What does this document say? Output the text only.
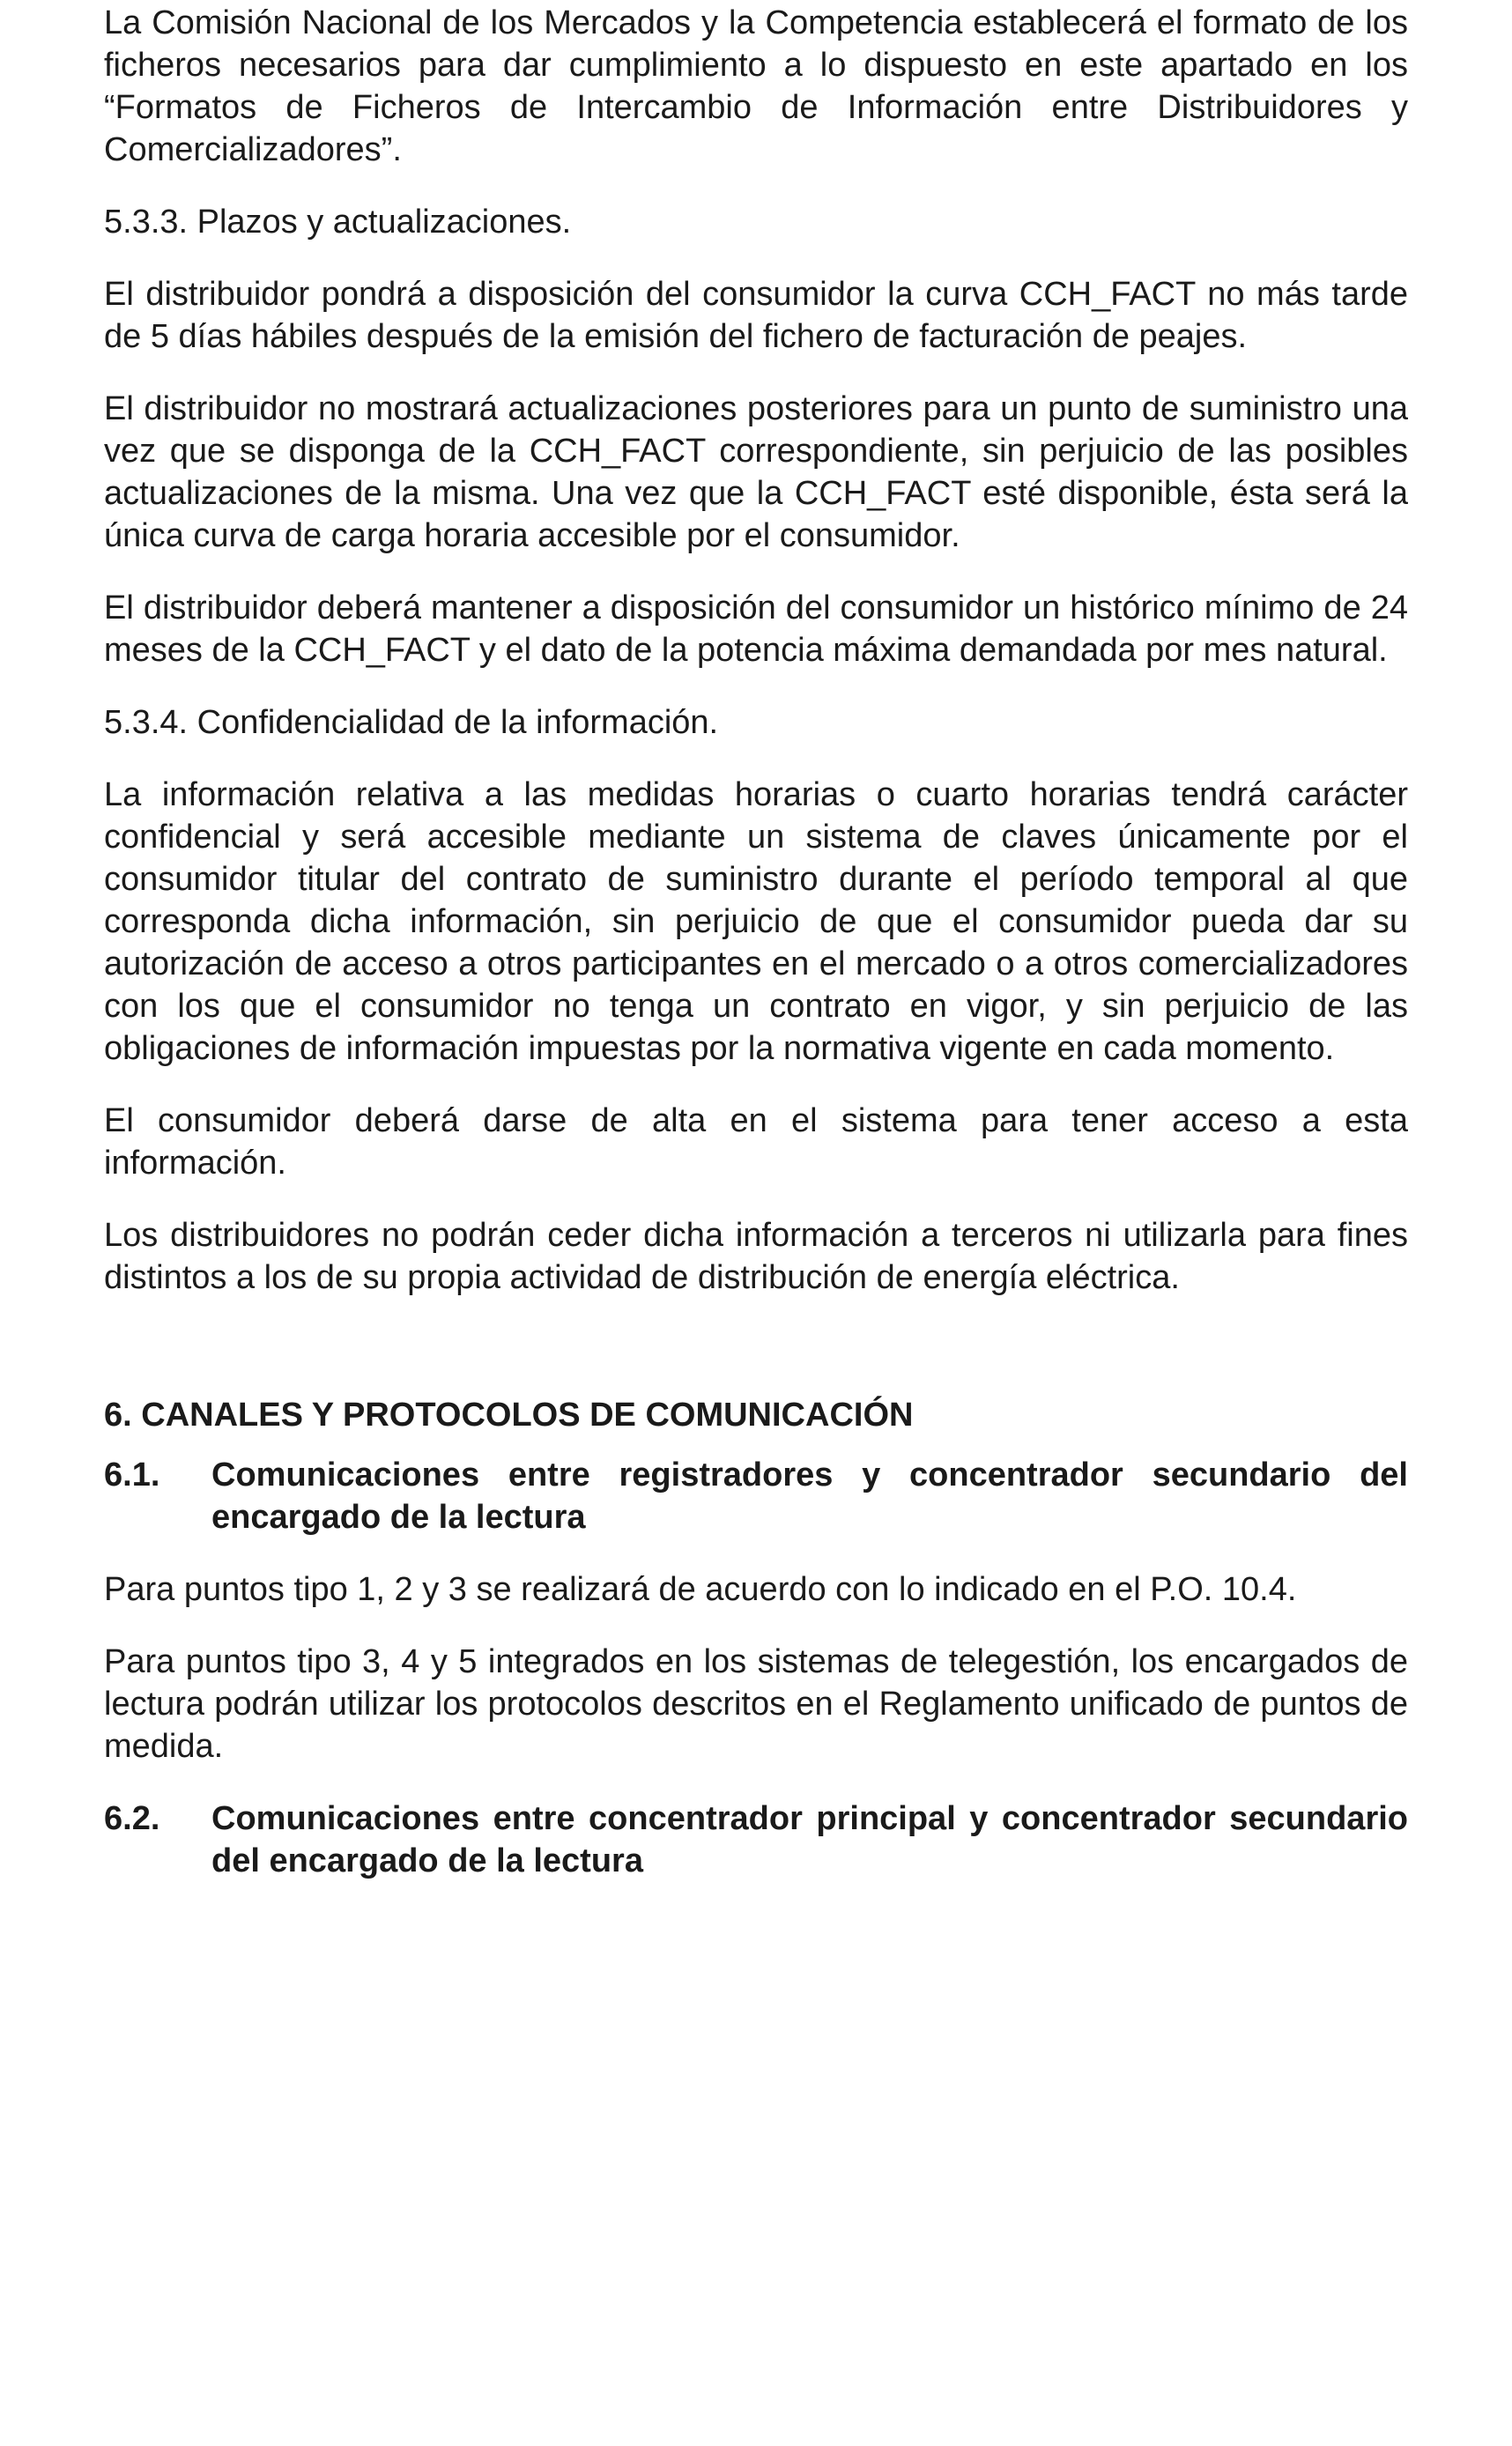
La Comisión Nacional de los Mercados y la Competencia establecerá el formato de los ficheros necesarios para dar cumplimiento a lo dispuesto en este apartado en los “Formatos de Ficheros de Intercambio de Información entre Distribuidores y Comercializadores”.

5.3.3. Plazos y actualizaciones.

El distribuidor pondrá a disposición del consumidor la curva CCH_FACT no más tarde de 5 días hábiles después de la emisión del fichero de facturación de peajes.

El distribuidor no mostrará actualizaciones posteriores para un punto de suministro una vez que se disponga de la CCH_FACT correspondiente, sin perjuicio de las posibles actualizaciones de la misma. Una vez que la CCH_FACT esté disponible, ésta será la única curva de carga horaria accesible por el consumidor.

El distribuidor deberá mantener a disposición del consumidor un histórico mínimo de 24 meses de la CCH_FACT y el dato de la potencia máxima demandada por mes natural.

5.3.4. Confidencialidad de la información.

La información relativa a las medidas horarias o cuarto horarias tendrá carácter confidencial y será accesible mediante un sistema de claves únicamente por el consumidor titular del contrato de suministro durante el período temporal al que corresponda dicha información, sin perjuicio de que el consumidor pueda dar su autorización de acceso a otros participantes en el mercado o a otros comercializadores con los que el consumidor no tenga un contrato en vigor, y sin perjuicio de las obligaciones de información impuestas por la normativa vigente en cada momento.

El consumidor deberá darse de alta en el sistema para tener acceso a esta información.

Los distribuidores no podrán ceder dicha información a terceros ni utilizarla para fines distintos a los de su propia actividad de distribución de energía eléctrica.

6. CANALES Y PROTOCOLOS DE COMUNICACIÓN

6.1.	Comunicaciones entre registradores y concentrador secundario del encargado de la lectura

Para puntos tipo 1, 2 y 3 se realizará de acuerdo con lo indicado en el P.O. 10.4.

Para puntos tipo 3, 4 y 5 integrados en los sistemas de telegestión, los encargados de lectura podrán utilizar los protocolos descritos en el Reglamento unificado de puntos de medida.

6.2.	Comunicaciones entre concentrador principal y concentrador secundario del encargado de la lectura
